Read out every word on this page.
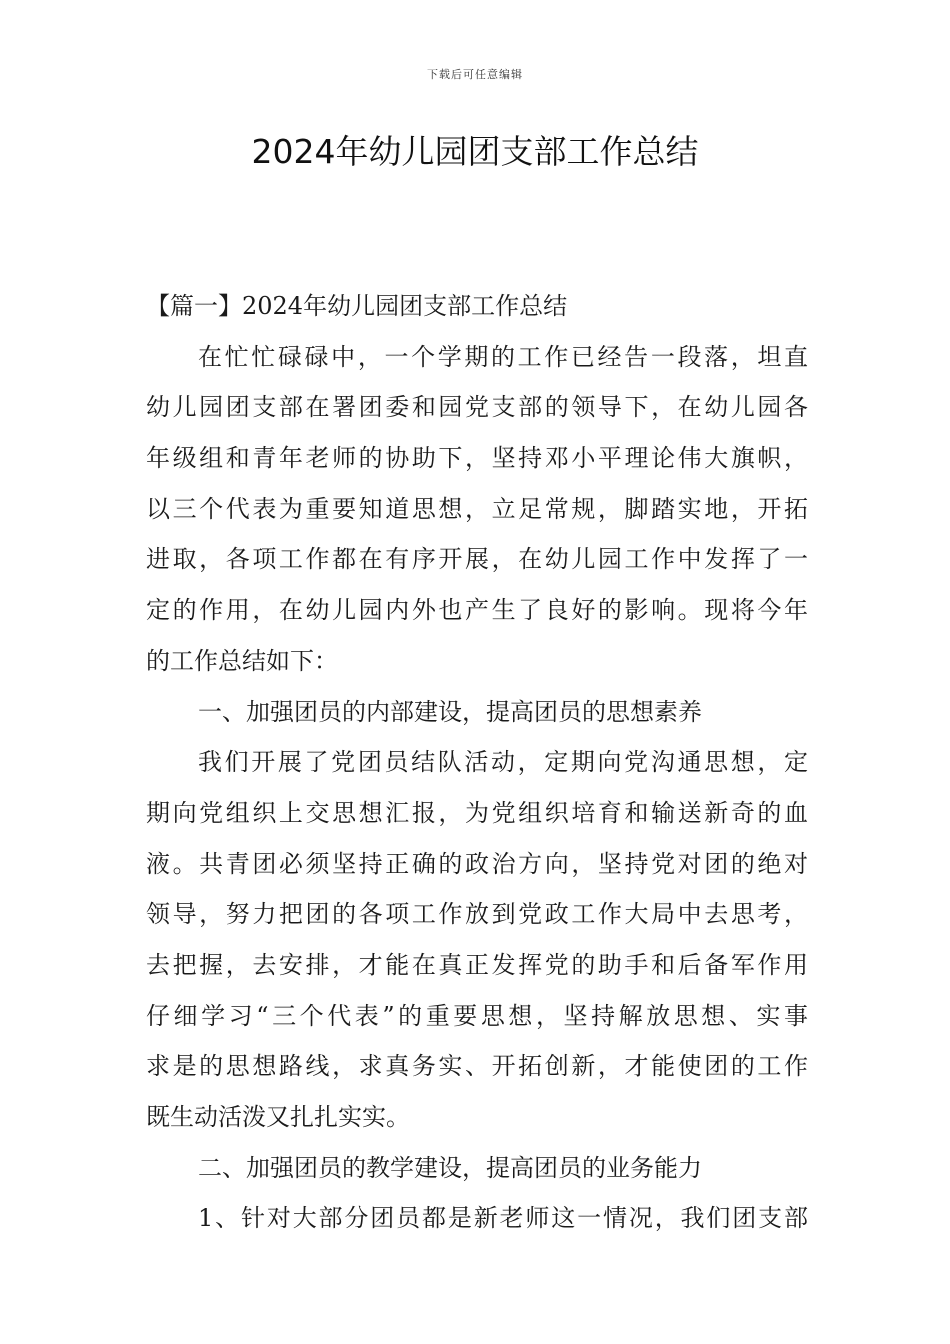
下载后可任意编辑
2024年幼儿园团支部工作总结
【篇一】2024年幼儿园团支部工作总结
在忙忙碌碌中，一个学期的工作已经告一段落，坦直
幼儿园团支部在署团委和园党支部的领导下，在幼儿园各
年级组和青年老师的协助下，坚持邓小平理论伟大旗帜，
以三个代表为重要知道思想，立足常规，脚踏实地，开拓
进取，各项工作都在有序开展，在幼儿园工作中发挥了一
定的作用，在幼儿园内外也产生了良好的影响。现将今年
的工作总结如下：
一、加强团员的内部建设，提高团员的思想素养
我们开展了党团员结队活动，定期向党沟通思想，定
期向党组织上交思想汇报，为党组织培育和输送新奇的血
液。共青团必须坚持正确的政治方向，坚持党对团的绝对
领导，努力把团的各项工作放到党政工作大局中去思考，
去把握，去安排，才能在真正发挥党的助手和后备军作用
仔细学习“三个代表”的重要思想，坚持解放思想、实事
求是的思想路线，求真务实、开拓创新，才能使团的工作
既生动活泼又扎扎实实。
二、加强团员的教学建设，提高团员的业务能力
1、针对大部分团员都是新老师这一情况，我们团支部
